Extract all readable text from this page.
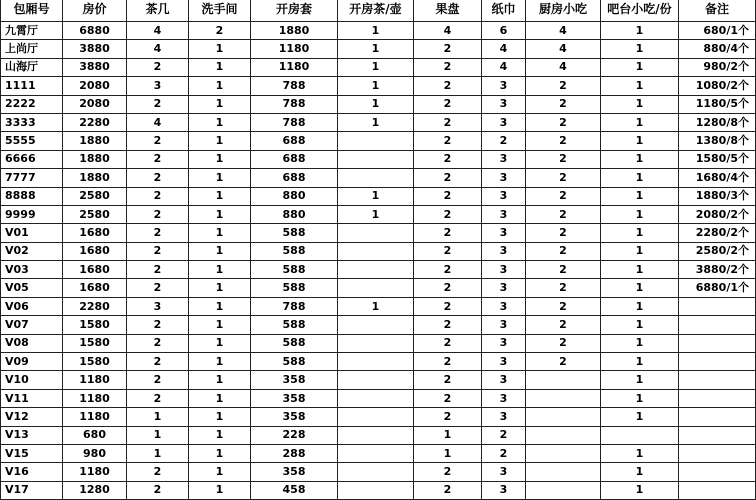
包厢号	房价	茶几	洗手间	开房套	开房茶/壶	果盘	纸巾	厨房小吃	吧台小吃/份	备注
九霄厅	6880	4	2	1880	1	4	6	4	1	680/1个
上尚厅	3880	4	1	1180	1	2	4	4	1	880/4个
山海厅	3880	2	1	1180	1	2	4	4	1	980/2个
1111	2080	3	1	788	1	2	3	2	1	1080/2个
2222	2080	2	1	788	1	2	3	2	1	1180/5个
3333	2280	4	1	788	1	2	3	2	1	1280/8个
5555	1880	2	1	688		2	2	2	1	1380/8个
6666	1880	2	1	688		2	3	2	1	1580/5个
7777	1880	2	1	688		2	3	2	1	1680/4个
8888	2580	2	1	880	1	2	3	2	1	1880/3个
9999	2580	2	1	880	1	2	3	2	1	2080/2个
V01	1680	2	1	588		2	3	2	1	2280/2个
V02	1680	2	1	588		2	3	2	1	2580/2个
V03	1680	2	1	588		2	3	2	1	3880/2个
V05	1680	2	1	588		2	3	2	1	6880/1个
V06	2280	3	1	788	1	2	3	2	1	
V07	1580	2	1	588		2	3	2	1	
V08	1580	2	1	588		2	3	2	1	
V09	1580	2	1	588		2	3	2	1	
V10	1180	2	1	358		2	3		1	
V11	1180	2	1	358		2	3		1	
V12	1180	1	1	358		2	3		1	
V13	680	1	1	228		1	2			
V15	980	1	1	288		1	2		1	
V16	1180	2	1	358		2	3		1	
V17	1280	2	1	458		2	3		1	
